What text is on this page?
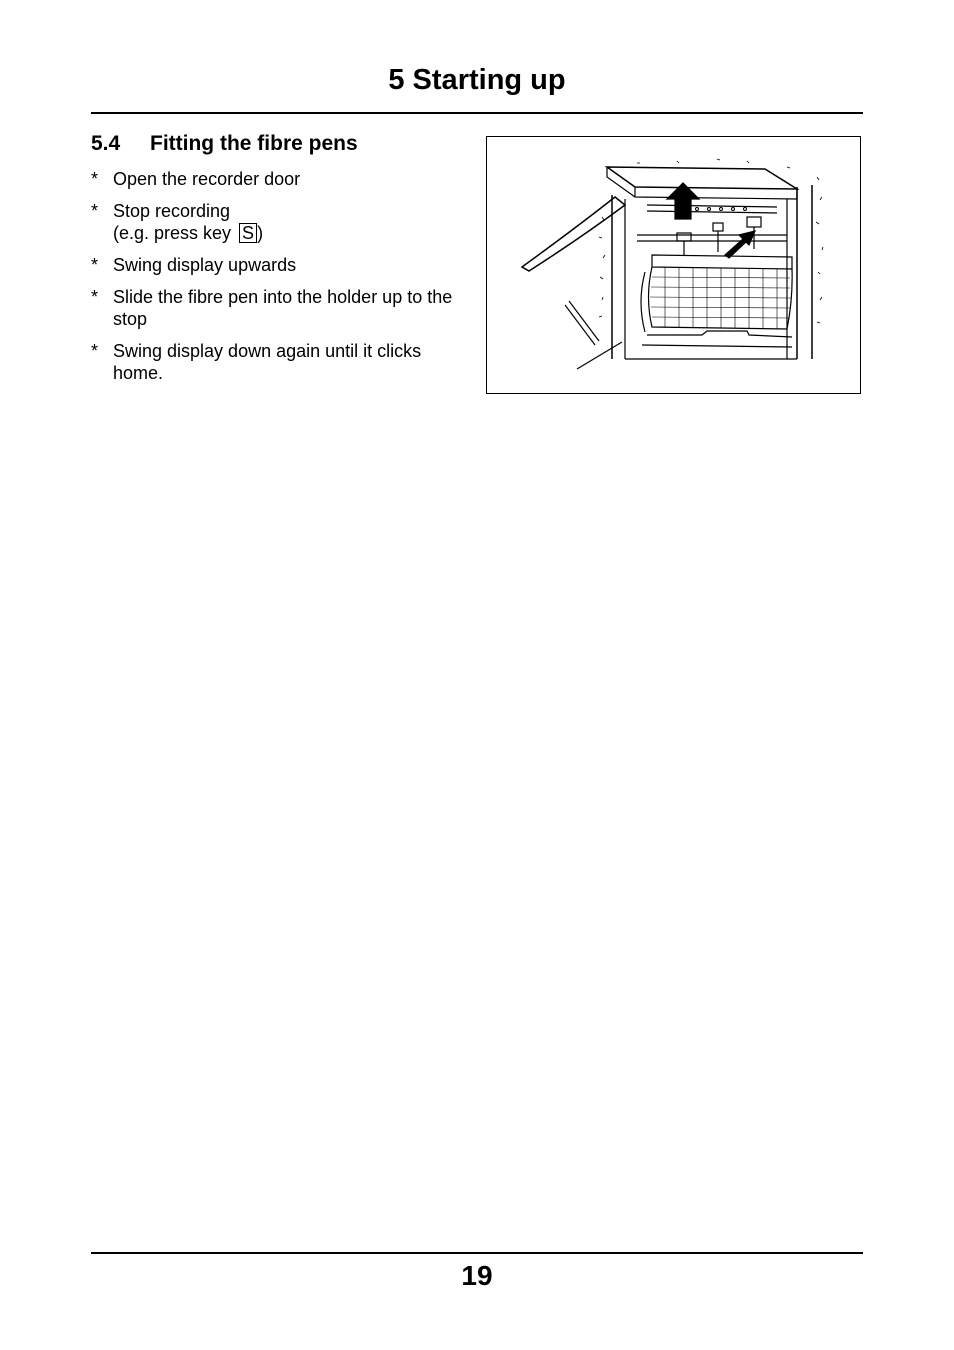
5 Starting up
5.4 Fitting the fibre pens
* Open the recorder door
* Stop recording
(e.g. press key S )
* Swing display upwards
* Slide the fibre pen into the holder up to the stop
* Swing display down again until it clicks home.
19
